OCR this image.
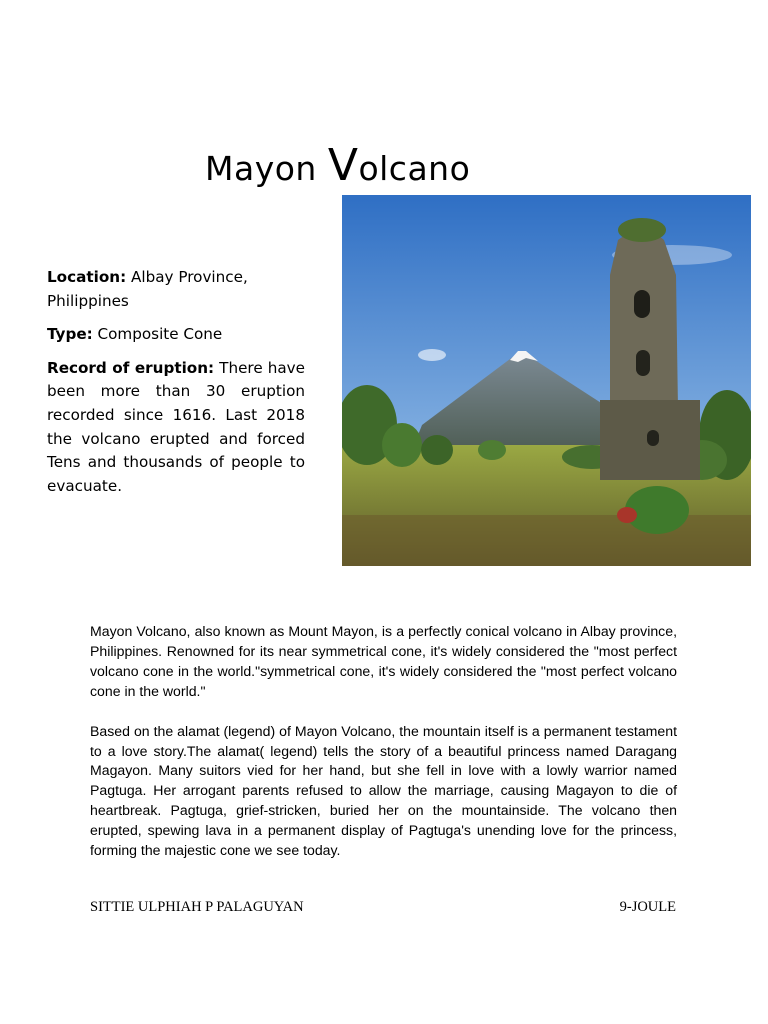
Mayon Volcano

Location: Albay Province, Philippines

Type: Composite Cone

Record of eruption: There have been more than 30 eruption recorded since 1616. Last 2018 the volcano erupted and forced Tens and thousands of people to evacuate.

Mayon Volcano, also known as Mount Mayon, is a perfectly conical volcano in Albay province, Philippines. Renowned for its near symmetrical cone, it's widely considered the "most perfect volcano cone in the world."symmetrical cone, it's widely considered the "most perfect volcano cone in the world."

Based on the alamat (legend) of Mayon Volcano, the mountain itself is a permanent testament to a love story.The alamat( legend) tells the story of a beautiful princess named Daragang Magayon. Many suitors vied for her hand, but she fell in love with a lowly warrior named Pagtuga. Her arrogant parents refused to allow the marriage, causing Magayon to die of heartbreak. Pagtuga, grief-stricken, buried her on the mountainside. The volcano then erupted, spewing lava in a permanent display of Pagtuga's unending love for the princess, forming the majestic cone we see today.

SITTIE ULPHIAH P PALAGUYAN	9-JOULE
